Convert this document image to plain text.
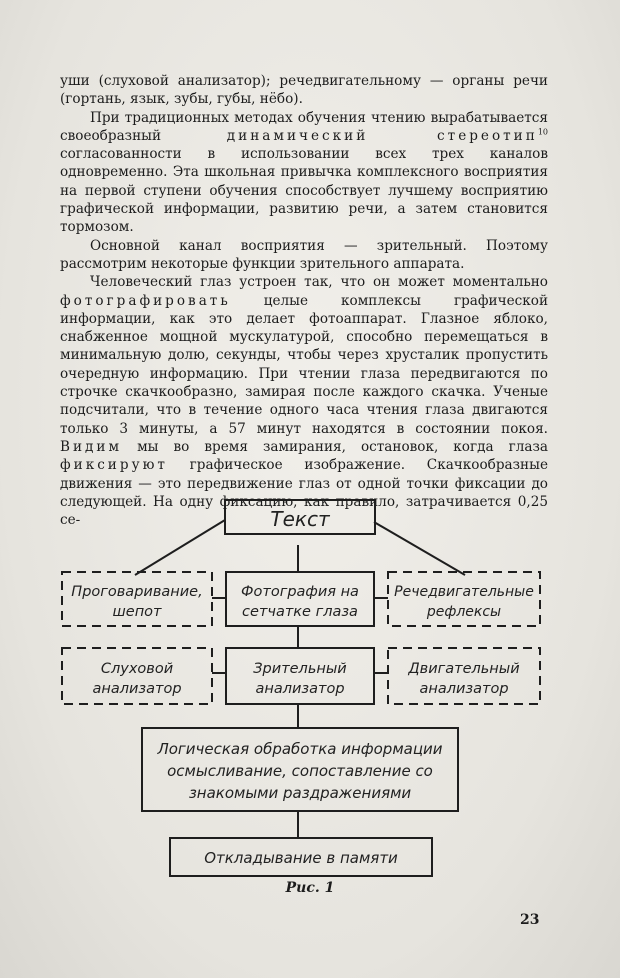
уши (слуховой анализатор); речедвигательному — органы речи (гортань, язык, зубы, губы, нёбо).

При традиционных методах обучения чтению вырабатывается своеобразный динамический стереотип$^{10}$ согласованности в использовании всех трех каналов одновременно. Эта школьная привычка комплексного восприятия на первой ступени обучения способствует лучшему восприятию графической информации, развитию речи, а затем становится тормозом.

Основной канал восприятия — зрительный. Поэтому рассмотрим некоторые функции зрительного аппарата.

Человеческий глаз устроен так, что он может моментально фотографировать целые комплексы графической информации, как это делает фотоаппарат. Глазное яблоко, снабженное мощной мускулатурой, способно перемещаться в минимальную долю, секунды, чтобы через хрусталик пропустить очередную информацию. При чтении глаза передвигаются по строчке скачкообразно, замирая после каждого скачка. Ученые подсчитали, что в течение одного часа чтения глаза двигаются только 3 минуты, а 57 минут находятся в состоянии покоя. Видим мы во время замирания, остановок, когда глаза фиксируют графическое изображение. Скачкообразные движения — это передвижение глаз от одной точки фиксации до следующей. На одну фиксацию, как правило, затрачивается 0,25 се-	Текст
Проговаривание,
шепот
Фотография на
сетчатке глаза
Речедвигательные
рефлексы
Слуховой
анализатор
Зрительный
анализатор
Двигательный
анализатор
Логическая обработка информации
осмысливание, сопоставление со
знакомыми раздражениями
Откладывание в памяти
Рис. 1
23
